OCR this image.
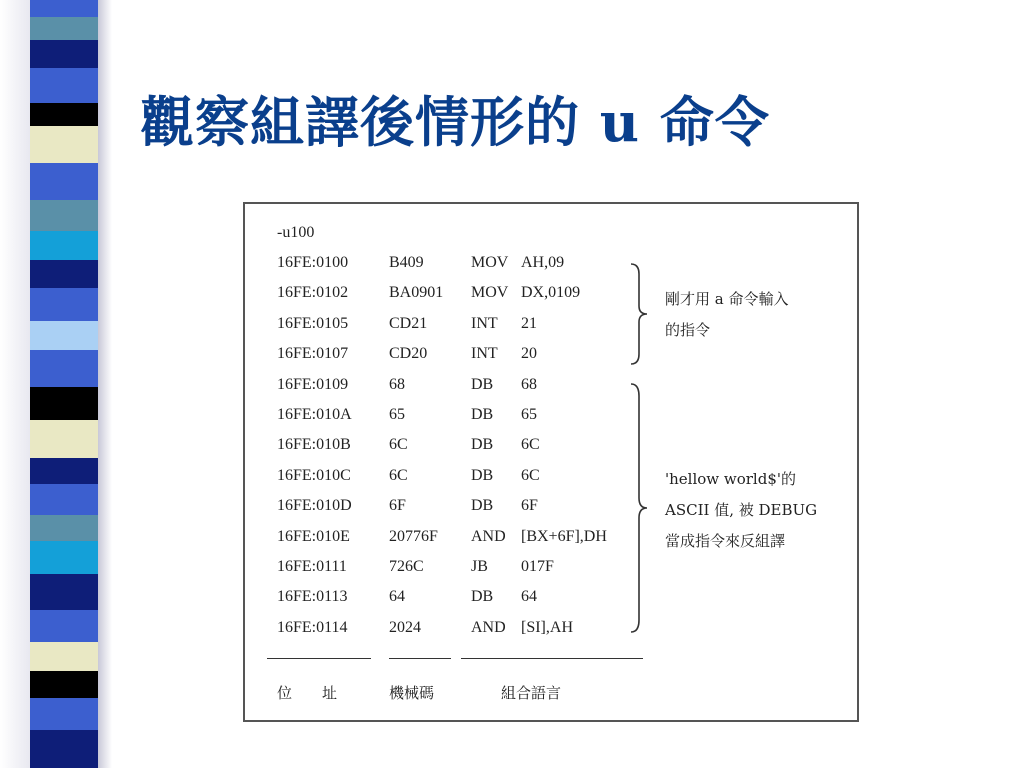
觀察組譯後情形的 u 命令
-u100
16FE:0100	B409	MOV AH,09
16FE:0102	BA0901 MOV DX,0109
16FE:0105	CD21	INT 21
16FE:0107	CD20	INT 20
16FE:0109	68	DB 68
16FE:010A 65	DB 65
16FE:010B 6C	DB 6C
16FE:010C 6C	DB 6C
16FE:010D 6F	DB 6F
16FE:010E 20776F AND [BX+6F],DH
16FE:0111	726C	JB 017F
16FE:0113	64	DB 64
16FE:0114	2024	AND [SI],AH
剛才用 a 命令輸入
的指令
'hellow world$'的
ASCII 值, 被 DEBUG
當成指令來反組譯
位　　址	機械碼	組合語言
